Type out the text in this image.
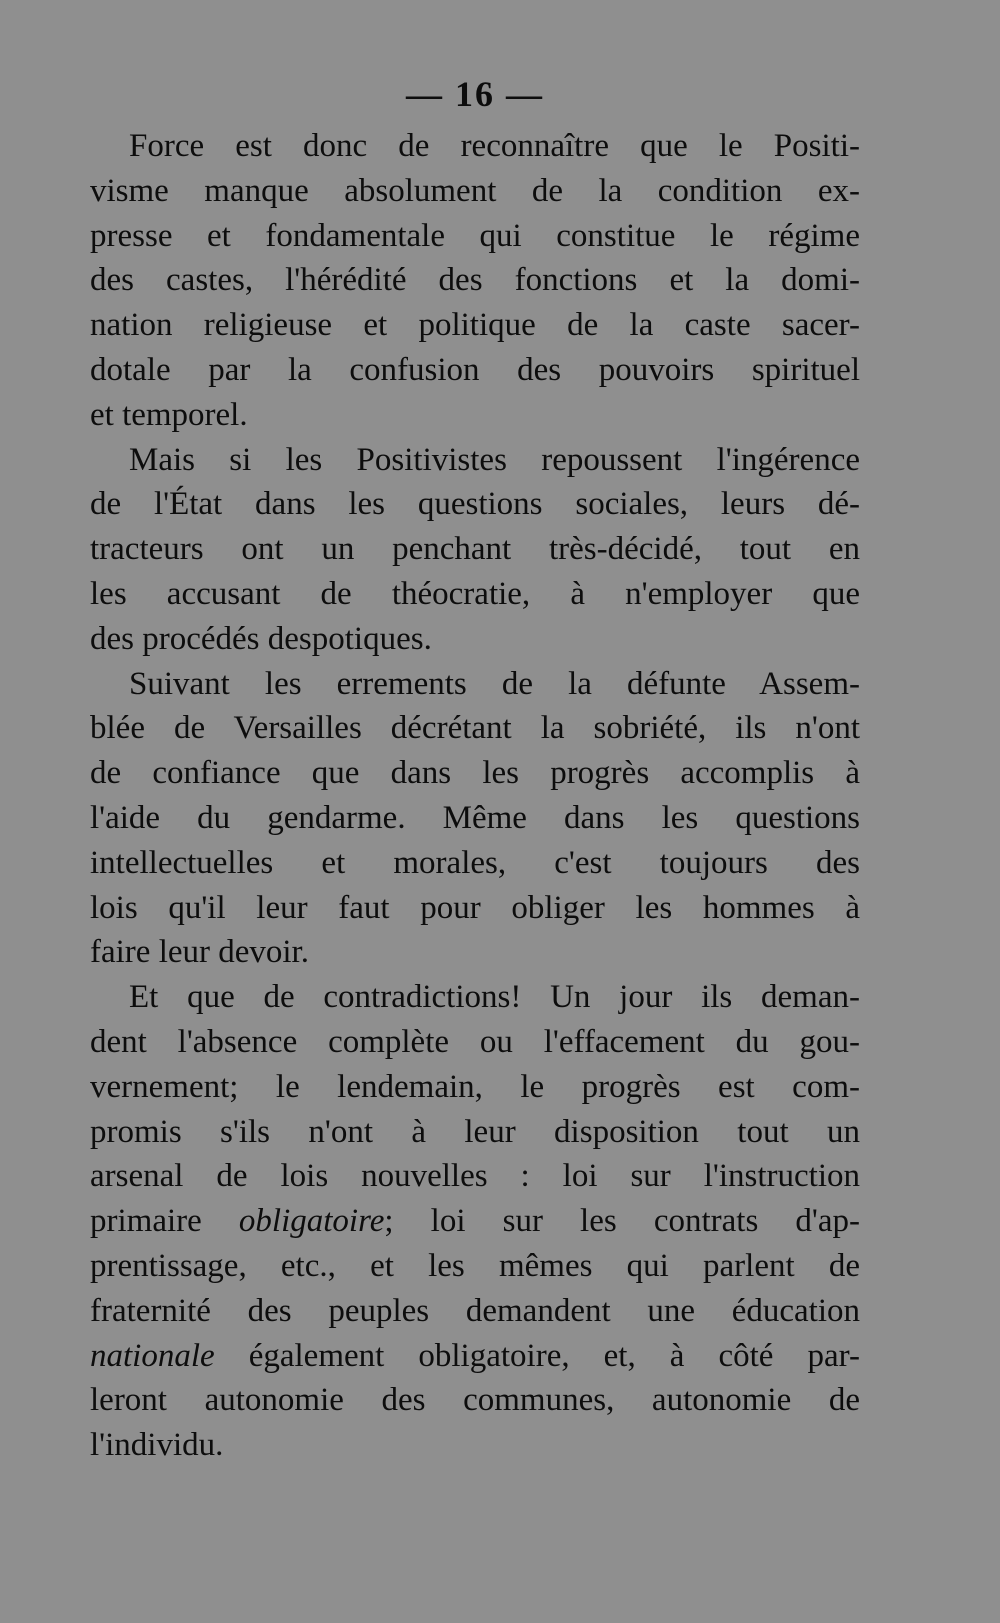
— 16 —
Force est donc de reconnaître que le Positi-
visme manque absolument de la condition ex-
presse et fondamentale qui constitue le régime
des castes, l'hérédité des fonctions et la domi-
nation religieuse et politique de la caste sacer-
dotale par la confusion des pouvoirs spirituel
et temporel.
Mais si les Positivistes repoussent l'ingérence
de l'État dans les questions sociales, leurs dé-
tracteurs ont un penchant très-décidé, tout en
les accusant de théocratie, à n'employer que
des procédés despotiques.
Suivant les errements de la défunte Assem-
blée de Versailles décrétant la sobriété, ils n'ont
de confiance que dans les progrès accomplis à
l'aide du gendarme. Même dans les questions
intellectuelles et morales, c'est toujours des
lois qu'il leur faut pour obliger les hommes à
faire leur devoir.
Et que de contradictions! Un jour ils deman-
dent l'absence complète ou l'effacement du gou-
vernement; le lendemain, le progrès est com-
promis s'ils n'ont à leur disposition tout un
arsenal de lois nouvelles : loi sur l'instruction
primaire obligatoire; loi sur les contrats d'ap-
prentissage, etc., et les mêmes qui parlent de
fraternité des peuples demandent une éducation
nationale également obligatoire, et, à côté par-
leront autonomie des communes, autonomie de
l'individu.
